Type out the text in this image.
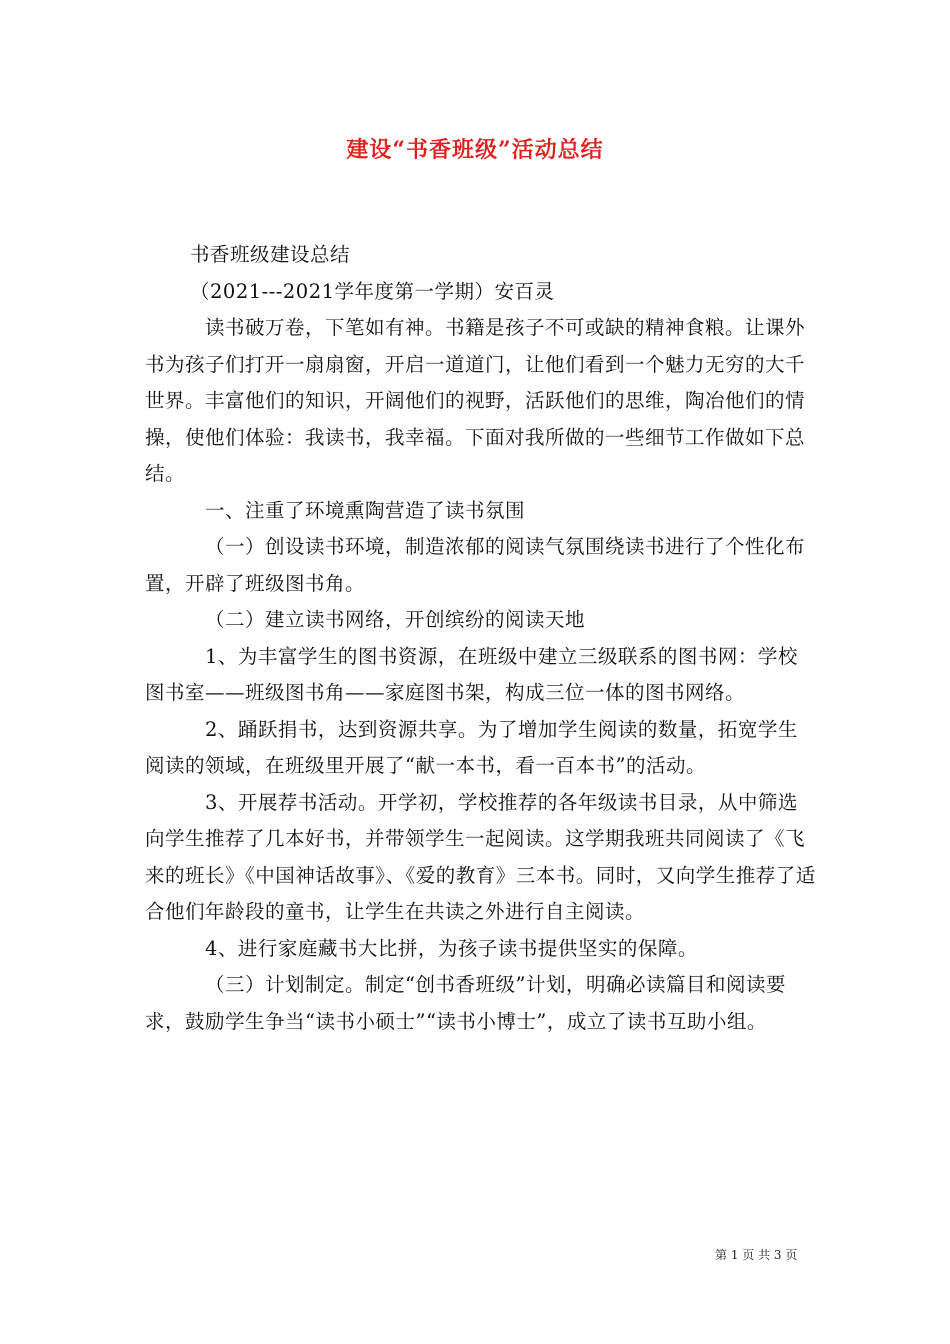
建设“书香班级”活动总结

书香班级建设总结

（2021---2021学年度第一学期）安百灵

读书破万卷，下笔如有神。书籍是孩子不可或缺的精神食粮。让课外书为孩子们打开一扇扇窗，开启一道道门，让他们看到一个魅力无穷的大千世界。丰富他们的知识，开阔他们的视野，活跃他们的思维，陶冶他们的情操，使他们体验：我读书，我幸福。下面对我所做的一些细节工作做如下总结。

一、注重了环境熏陶营造了读书氛围

（一）创设读书环境，制造浓郁的阅读气氛围绕读书进行了个性化布置，开辟了班级图书角。

（二）建立读书网络，开创缤纷的阅读天地

1、为丰富学生的图书资源，在班级中建立三级联系的图书网：学校图书室——班级图书角——家庭图书架，构成三位一体的图书网络。

2、踊跃捐书，达到资源共享。为了增加学生阅读的数量，拓宽学生阅读的领域，在班级里开展了“献一本书，看一百本书”的活动。

3、开展荐书活动。开学初，学校推荐的各年级读书目录，从中筛选向学生推荐了几本好书，并带领学生一起阅读。这学期我班共同阅读了《飞来的班长》《中国神话故事》、《爱的教育》三本书。同时，又向学生推荐了适合他们年龄段的童书，让学生在共读之外进行自主阅读。

4、进行家庭藏书大比拼，为孩子读书提供坚实的保障。

（三）计划制定。制定“创书香班级”计划，明确必读篇目和阅读要求，鼓励学生争当“读书小硕士”“读书小博士”，成立了读书互助小组。

第 1 页 共 3 页
